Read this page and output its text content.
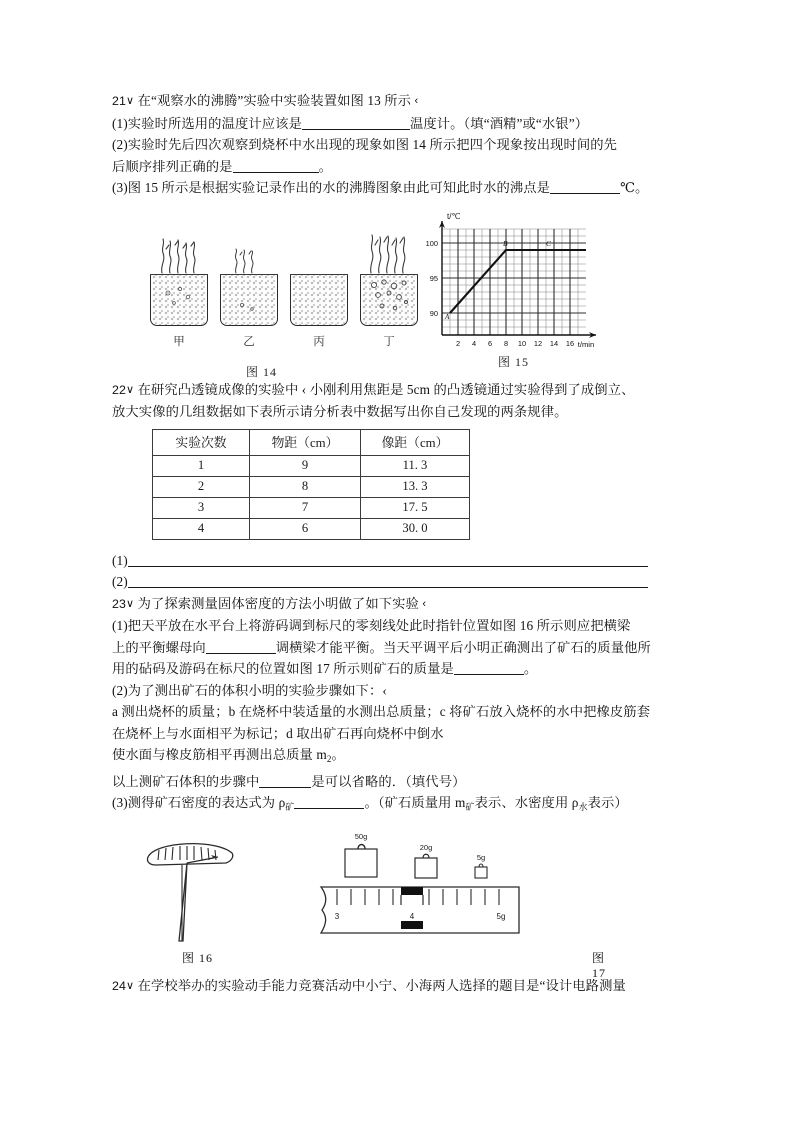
21∨ 在“观察水的沸腾”实验中实验装置如图 13 所示 ‹
(1)实验时所选用的温度计应该是	温度计。（填“酒精”或“水银”）
(2)实验时先后四次观察到烧杯中水出现的现象如图 14 所示把四个现象按出现时间的先
后顺序排列正确的是	。
(3)图 15 所示是根据实验记录作出的水的沸腾图象由此可知此时水的沸点是	℃。
甲	乙	丙	丁
图 14
100
95
90
2 4 6 8 10 12 14 16
t/℃
t/min
B	C
A
图 15
22∨ 在研究凸透镜成像的实验中 ‹ 小刚利用焦距是 5cm 的凸透镜通过实验得到了成倒立、
放大实像的几组数据如下表所示请分析表中数据写出你自己发现的两条规律。
实验次数	物距（cm）	像距（cm）
1	9	11. 3
2	8	13. 3
3	7	17. 5
4	6	30. 0
(1)
(2)
23∨ 为了探索测量固体密度的方法小明做了如下实验 ‹
(1)把天平放在水平台上将游码调到标尺的零刻线处此时指针位置如图 16 所示则应把横梁
上的平衡螺母向	调横梁才能平衡。当天平调平后小明正确测出了矿石的质量他所
用的砧码及游码在标尺的位置如图 17 所示则矿石的质量是	。
(2)为了测出矿石的体积小明的实验步骤如下：‹
a 测出烧杯的质量；b 在烧杯中装适量的水测出总质量；c 将矿石放入烧杯的水中把橡皮筋套
在烧杯上与水面相平为标记；d 取出矿石再向烧杯中倒水
使水面与橡皮筋相平再测出总质量 $m_2$。
以上测矿石体积的步骤中	是可以省略的．（填代号）
(3)测得矿石密度的表达式为 $\rho_矿$	。（矿石质量用 $m_矿$表示、水密度用 $\rho_水$表示）
图 16
50g
20g
5g
3	4	5g
图 17
24∨ 在学校举办的实验动手能力竞赛活动中小宁、小海两人选择的题目是“设计电路测量
